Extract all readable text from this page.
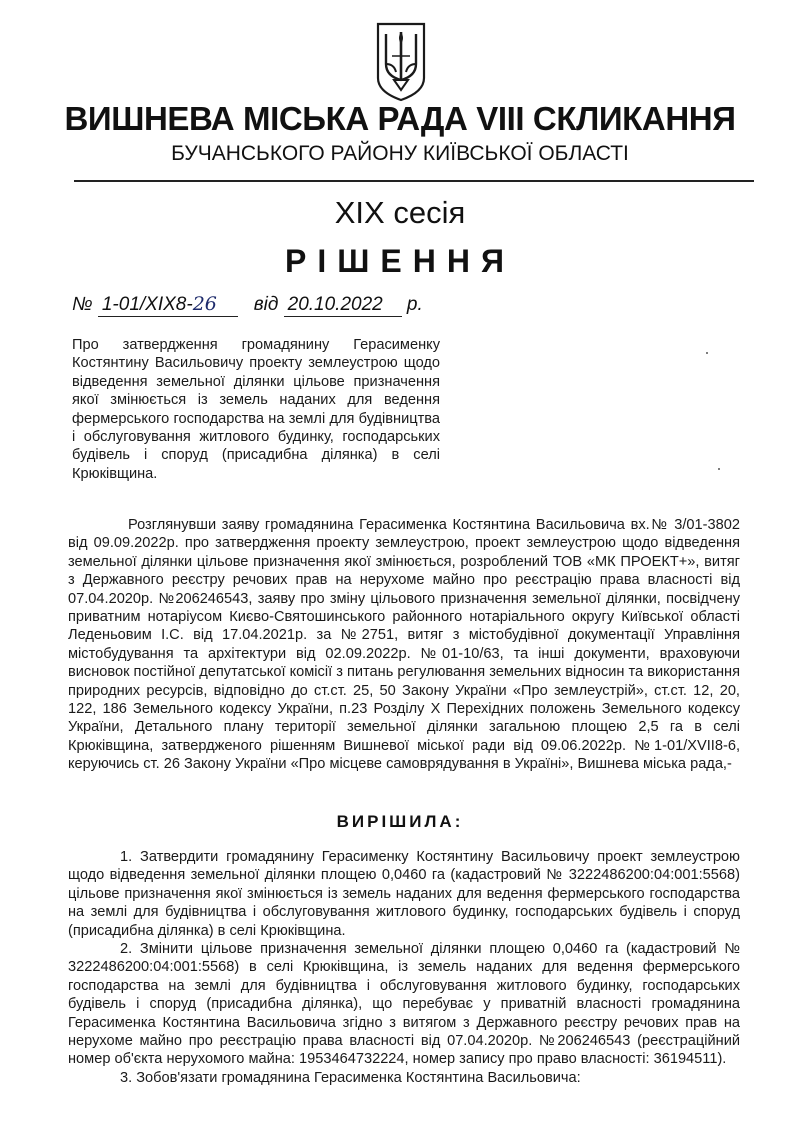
ВИШНЕВА МІСЬКА РАДА VIII СКЛИКАННЯ
БУЧАНСЬКОГО РАЙОНУ КИЇВСЬКОЇ ОБЛАСТІ
XIX сесія
РІШЕННЯ
№ 1-01/XIX8-26 від 20.10.2022 р.
Про затвердження громадянину Герасименку Костянтину Васильовичу проекту землеустрою щодо відведення земельної ділянки цільове призначення якої змінюється із земель наданих для ведення фермерського господарства на землі для будівництва і обслуговування житлового будинку, господарських будівель і споруд (присадибна ділянка) в селі Крюківщина.
Розглянувши заяву громадянина Герасименка Костянтина Васильовича вх.№ 3/01-3802 від 09.09.2022р. про затвердження проекту землеустрою, проект землеустрою щодо відведення земельної ділянки цільове призначення якої змінюється, розроблений ТОВ «МК ПРОЕКТ+», витяг з Державного реєстру речових прав на нерухоме майно про реєстрацію права власності від 07.04.2020р. №206246543, заяву про зміну цільового призначення земельної ділянки, посвідчену приватним нотаріусом Києво-Святошинського районного нотаріального округу Київської області Леденьовим І.С. від 17.04.2021р. за №2751, витяг з містобудівної документації Управління містобудування та архітектури від 02.09.2022р. №01-10/63, та інші документи, враховуючи висновок постійної депутатської комісії з питань регулювання земельних відносин та використання природних ресурсів, відповідно до ст.ст. 25, 50 Закону України «Про землеустрій», ст.ст. 12, 20, 122, 186 Земельного кодексу України, п.23 Розділу Х Перехідних положень Земельного кодексу України, Детального плану території земельної ділянки загальною площею 2,5 га в селі Крюківщина, затвердженого рішенням Вишневої міської ради від 09.06.2022р. №1-01/XVII8-6, керуючись ст. 26 Закону України «Про місцеве самоврядування в Україні», Вишнева міська рада,-
ВИРІШИЛА:

1. Затвердити громадянину Герасименку Костянтину Васильовичу проект землеустрою щодо відведення земельної ділянки площею 0,0460 га (кадастровий № 3222486200:04:001:5568) цільове призначення якої змінюється із земель наданих для ведення фермерського господарства на землі для будівництва і обслуговування житлового будинку, господарських будівель і споруд (присадибна ділянка) в селі Крюківщина.

2. Змінити цільове призначення земельної ділянки площею 0,0460 га (кадастровий № 3222486200:04:001:5568) в селі Крюківщина, із земель наданих для ведення фермерського господарства на землі для будівництва і обслуговування житлового будинку, господарських будівель і споруд (присадибна ділянка), що перебуває у приватній власності громадянина Герасименка Костянтина Васильовича згідно з витягом з Державного реєстру речових прав на нерухоме майно про реєстрацію права власності від 07.04.2020р. №206246543 (реєстраційний номер об'єкта нерухомого майна: 1953464732224, номер запису про право власності: 36194511).

3. Зобов'язати громадянина Герасименка Костянтина Васильовича:
